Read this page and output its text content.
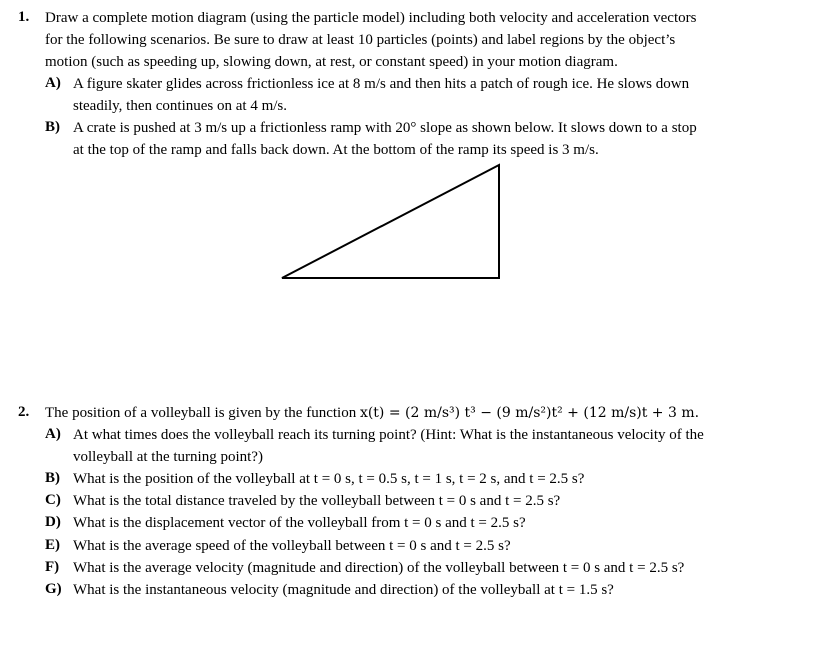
1. Draw a complete motion diagram (using the particle model) including both velocity and acceleration vectors
for the following scenarios. Be sure to draw at least 10 particles (points) and label regions by the object’s
motion (such as speeding up, slowing down, at rest, or constant speed) in your motion diagram.
A) A figure skater glides across frictionless ice at 8 m/s and then hits a patch of rough ice. He slows down
steadily, then continues on at 4 m/s.
B) A crate is pushed at 3 m/s up a frictionless ramp with 20° slope as shown below. It slows down to a stop
at the top of the ramp and falls back down. At the bottom of the ramp its speed is 3 m/s.
2. The position of a volleyball is given by the function x(t) = (2 m/s³) t³ − (9 m/s²)t² + (12 m/s)t + 3 m.
A) At what times does the volleyball reach its turning point? (Hint: What is the instantaneous velocity of the
volleyball at the turning point?)
B) What is the position of the volleyball at t = 0 s, t = 0.5 s, t = 1 s, t = 2 s, and t = 2.5 s?
C) What is the total distance traveled by the volleyball between t = 0 s and t = 2.5 s?
D) What is the displacement vector of the volleyball from t = 0 s and t = 2.5 s?
E) What is the average speed of the volleyball between t = 0 s and t = 2.5 s?
F) What is the average velocity (magnitude and direction) of the volleyball between t = 0 s and t = 2.5 s?
G) What is the instantaneous velocity (magnitude and direction) of the volleyball at t = 1.5 s?
